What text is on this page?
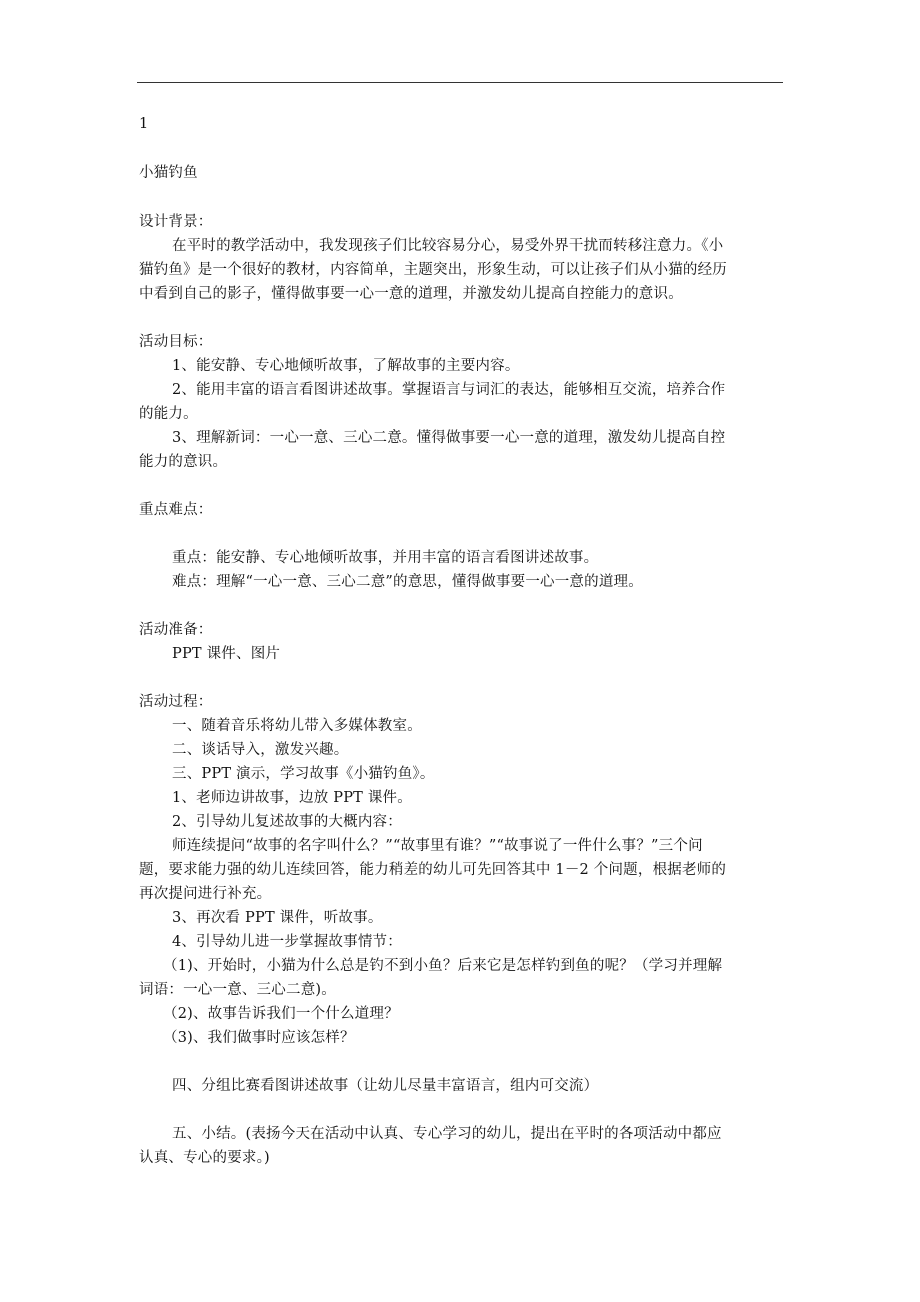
1
小猫钓鱼
设计背景：
在平时的教学活动中，我发现孩子们比较容易分心，易受外界干扰而转移注意力。《小
猫钓鱼》是一个很好的教材，内容简单，主题突出，形象生动，可以让孩子们从小猫的经历
中看到自己的影子，懂得做事要一心一意的道理，并激发幼儿提高自控能力的意识。
活动目标：
1、能安静、专心地倾听故事，了解故事的主要内容。
2、能用丰富的语言看图讲述故事。掌握语言与词汇的表达，能够相互交流，培养合作
的能力。
3、理解新词：一心一意、三心二意。懂得做事要一心一意的道理，激发幼儿提高自控
能力的意识。
重点难点：
重点：能安静、专心地倾听故事，并用丰富的语言看图讲述故事。
难点：理解“一心一意、三心二意”的意思，懂得做事要一心一意的道理。
活动准备：
PPT 课件、图片
活动过程：
一、随着音乐将幼儿带入多媒体教室。
二、谈话导入，激发兴趣。
三、PPT 演示，学习故事《小猫钓鱼》。
1、老师边讲故事，边放 PPT 课件。
2、引导幼儿复述故事的大概内容：
师连续提问“故事的名字叫什么？”“故事里有谁？”“故事说了一件什么事？”三个问
题，要求能力强的幼儿连续回答，能力稍差的幼儿可先回答其中 1－2 个问题，根据老师的
再次提问进行补充。
3、再次看 PPT 课件，听故事。
4、引导幼儿进一步掌握故事情节：
（1)、开始时，小猫为什么总是钓不到小鱼？后来它是怎样钓到鱼的呢？（学习并理解
词语：一心一意、三心二意)。
（2)、故事告诉我们一个什么道理？
（3)、我们做事时应该怎样？
四、分组比赛看图讲述故事（让幼儿尽量丰富语言，组内可交流）
五、小结。(表扬今天在活动中认真、专心学习的幼儿，提出在平时的各项活动中都应
认真、专心的要求。)
